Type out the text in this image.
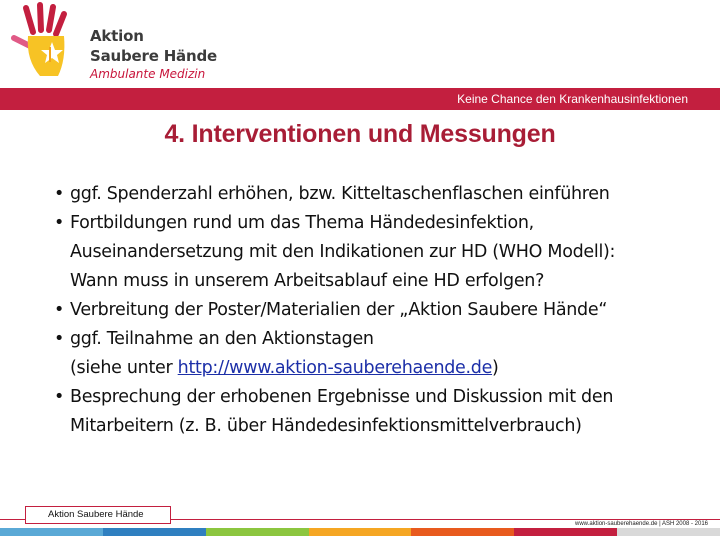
Aktion
Saubere Hände
Ambulante Medizin
Keine Chance den Krankenhausinfektionen
4. Interventionen und Messungen
• ggf. Spenderzahl erhöhen, bzw. Kitteltaschenflaschen einführen
• Fortbildungen rund um das Thema Händedesinfektion,
Auseinandersetzung mit den Indikationen zur HD (WHO Modell):
Wann muss in unserem Arbeitsablauf eine HD erfolgen?
• Verbreitung der Poster/Materialien der „Aktion Saubere Hände“
• ggf. Teilnahme an den Aktionstagen
(siehe unter http://www.aktion-sauberehaende.de)
• Besprechung der erhobenen Ergebnisse und Diskussion mit den
Mitarbeitern (z. B. über Händedesinfektionsmittelverbrauch)
Aktion Saubere Hände
www.aktion-sauberehaende.de | ASH 2008 - 2016
